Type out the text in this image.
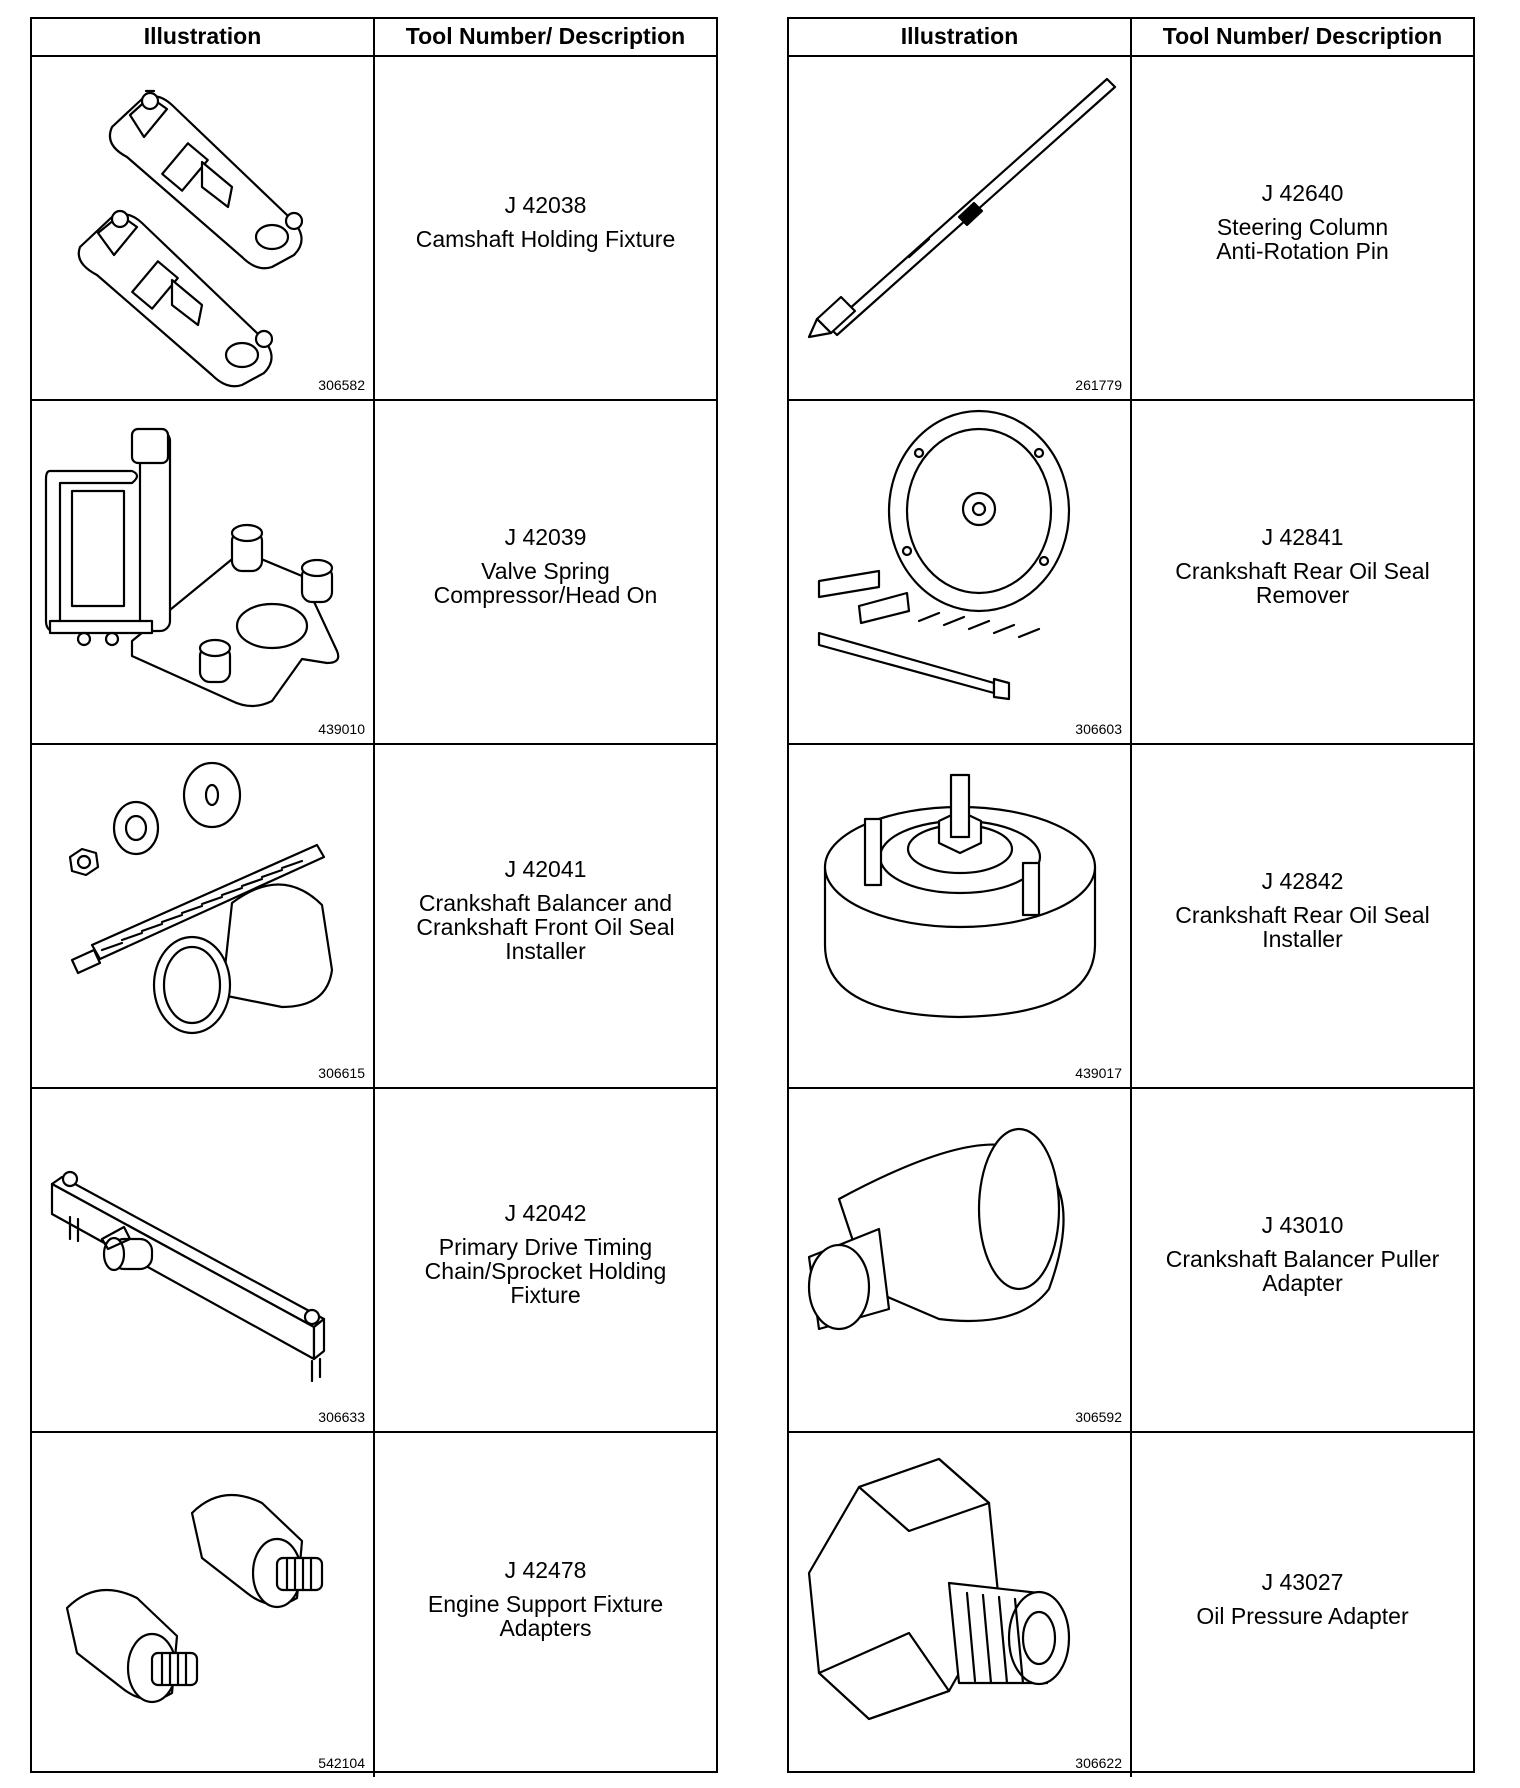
Illustration	Tool Number/ Description
306582
J 42038
Camshaft Holding Fixture
439010
J 42039
Valve Spring
Compressor/Head On
306615
J 42041
Crankshaft Balancer and
Crankshaft Front Oil Seal
Installer
306633
J 42042
Primary Drive Timing
Chain/Sprocket Holding
Fixture
542104
J 42478
Engine Support Fixture
Adapters
Illustration	Tool Number/ Description
261779
J 42640
Steering Column
Anti-Rotation Pin
306603
J 42841
Crankshaft Rear Oil Seal
Remover
439017
J 42842
Crankshaft Rear Oil Seal
Installer
306592
J 43010
Crankshaft Balancer Puller
Adapter
306622
J 43027
Oil Pressure Adapter
